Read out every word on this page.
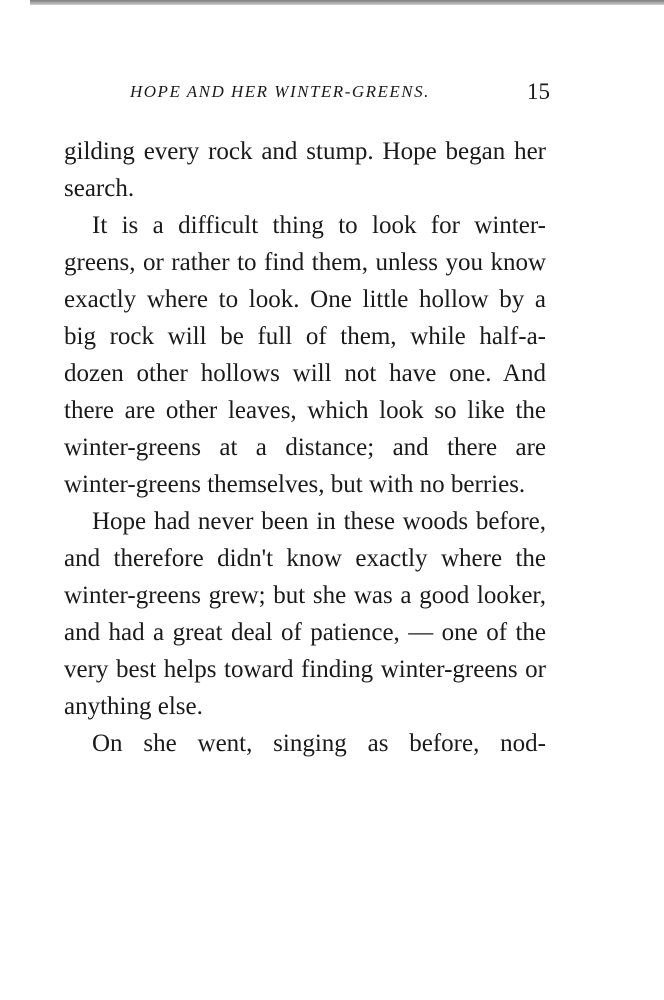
HOPE AND HER WINTER-GREENS.	15

gilding every rock and stump. Hope began her search.

It is a difficult thing to look for winter-greens, or rather to find them, unless you know exactly where to look. One little hollow by a big rock will be full of them, while half-a-dozen other hollows will not have one. And there are other leaves, which look so like the winter-greens at a distance; and there are winter-greens themselves, but with no berries.

Hope had never been in these woods before, and therefore didn't know exactly where the winter-greens grew; but she was a good looker, and had a great deal of patience, — one of the very best helps toward finding winter-greens or anything else.

On she went, singing as before, nod-
